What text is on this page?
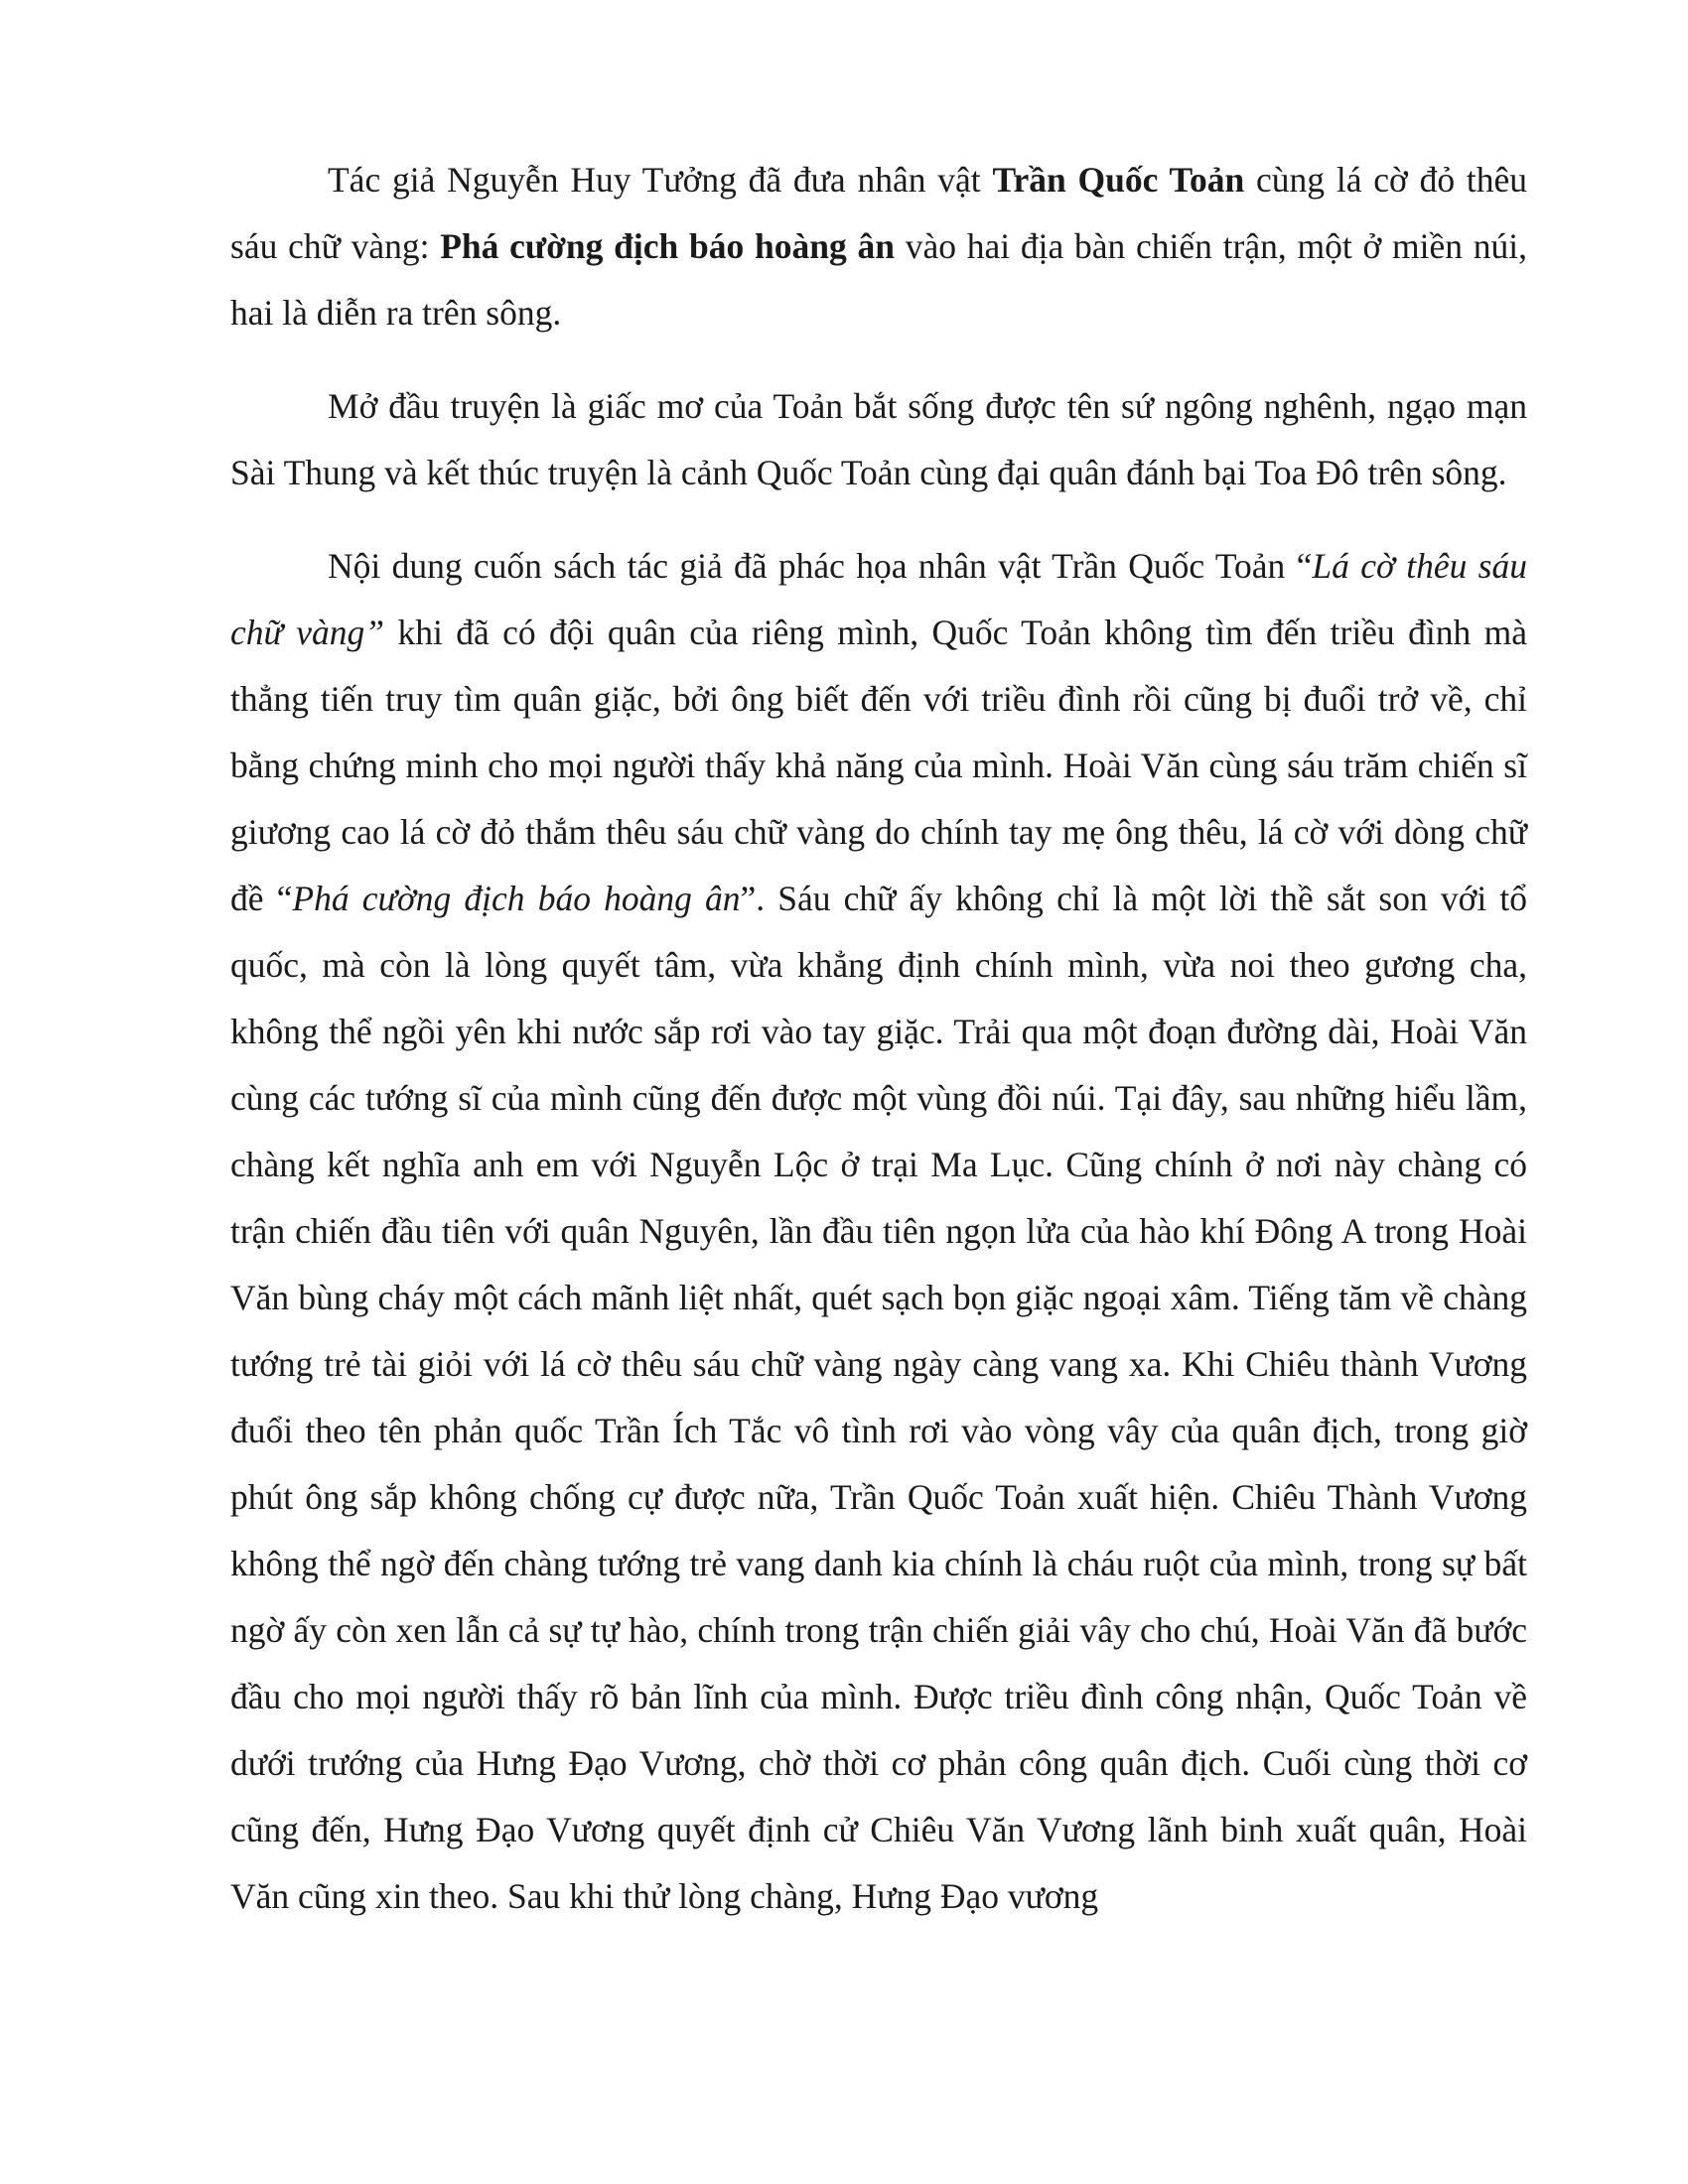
Tác giả Nguyễn Huy Tưởng đã đưa nhân vật Trần Quốc Toản cùng lá cờ đỏ thêu sáu chữ vàng: Phá cường địch báo hoàng ân vào hai địa bàn chiến trận, một ở miền núi, hai là diễn ra trên sông.

Mở đầu truyện là giấc mơ của Toản bắt sống được tên sứ ngông nghênh, ngạo mạn Sài Thung và kết thúc truyện là cảnh Quốc Toản cùng đại quân đánh bại Toa Đô trên sông.

Nội dung cuốn sách tác giả đã phác họa nhân vật Trần Quốc Toản “Lá cờ thêu sáu chữ vàng” khi đã có đội quân của riêng mình, Quốc Toản không tìm đến triều đình mà thẳng tiến truy tìm quân giặc, bởi ông biết đến với triều đình rồi cũng bị đuổi trở về, chỉ bằng chứng minh cho mọi người thấy khả năng của mình. Hoài Văn cùng sáu trăm chiến sĩ giương cao lá cờ đỏ thắm thêu sáu chữ vàng do chính tay mẹ ông thêu, lá cờ với dòng chữ đề “Phá cường địch báo hoàng ân”. Sáu chữ ấy không chỉ là một lời thề sắt son với tổ quốc, mà còn là lòng quyết tâm, vừa khẳng định chính mình, vừa noi theo gương cha, không thể ngồi yên khi nước sắp rơi vào tay giặc. Trải qua một đoạn đường dài, Hoài Văn cùng các tướng sĩ của mình cũng đến được một vùng đồi núi. Tại đây, sau những hiểu lầm, chàng kết nghĩa anh em với Nguyễn Lộc ở trại Ma Lục. Cũng chính ở nơi này chàng có trận chiến đầu tiên với quân Nguyên, lần đầu tiên ngọn lửa của hào khí Đông A trong Hoài Văn bùng cháy một cách mãnh liệt nhất, quét sạch bọn giặc ngoại xâm. Tiếng tăm về chàng tướng trẻ tài giỏi với lá cờ thêu sáu chữ vàng ngày càng vang xa. Khi Chiêu thành Vương đuổi theo tên phản quốc Trần Ích Tắc vô tình rơi vào vòng vây của quân địch, trong giờ phút ông sắp không chống cự được nữa, Trần Quốc Toản xuất hiện. Chiêu Thành Vương không thể ngờ đến chàng tướng trẻ vang danh kia chính là cháu ruột của mình, trong sự bất ngờ ấy còn xen lẫn cả sự tự hào, chính trong trận chiến giải vây cho chú, Hoài Văn đã bước đầu cho mọi người thấy rõ bản lĩnh của mình. Được triều đình công nhận, Quốc Toản về dưới trướng của Hưng Đạo Vương, chờ thời cơ phản công quân địch. Cuối cùng thời cơ cũng đến, Hưng Đạo Vương quyết định cử Chiêu Văn Vương lãnh binh xuất quân, Hoài Văn cũng xin theo. Sau khi thử lòng chàng, Hưng Đạo vương
